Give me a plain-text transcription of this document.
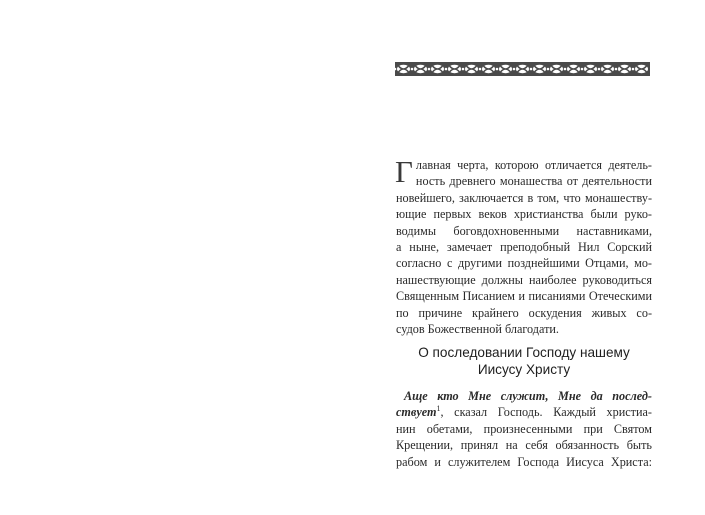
Г лавная черта, которою отличается деятель-
ность древнего монашества от деятельности
новейшего, заключается в том, что монашеству-
ющие первых веков христианства были руко-
водимы боговдохновенными наставниками,
а ныне, замечает преподобный Нил Сорский
согласно с другими позднейшими Отцами, мо-
нашествующие должны наиболее руководиться
Священным Писанием и писаниями Отеческими
по причине крайнего оскудения живых со-
судов Божественной благодати.
О последовании Господу нашему
Иисусу Христу
Аще кто Мне служит, Мне да послед-
ствует$^1$, сказал Господь. Каждый христиа-
нин обетами, произнесенными при Святом
Крещении, принял на себя обязанность быть
рабом и служителем Господа Иисуса Христа:
